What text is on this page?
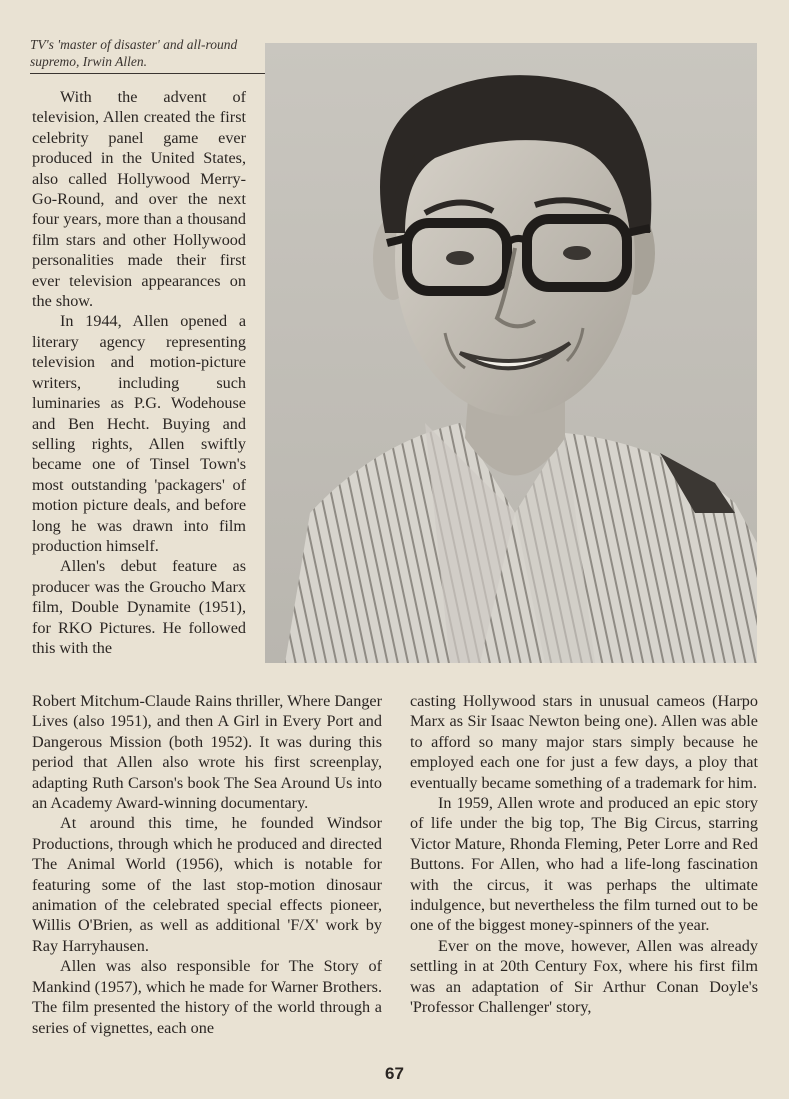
TV's 'master of disaster' and all-round supremo, Irwin Allen.

With the advent of television, Allen created the first celebrity panel game ever produced in the United States, also called Hollywood Merry-Go-Round, and over the next four years, more than a thousand film stars and other Hollywood personalities made their first ever television appearances on the show.

In 1944, Allen opened a literary agency representing television and motion-picture writers, including such luminaries as P.G. Wodehouse and Ben Hecht. Buying and selling rights, Allen swiftly became one of Tinsel Town's most outstanding 'packagers' of motion picture deals, and before long he was drawn into film production himself.

Allen's debut feature as producer was the Groucho Marx film, Double Dynamite (1951), for RKO Pictures. He followed this with the

Robert Mitchum-Claude Rains thriller, Where Danger Lives (also 1951), and then A Girl in Every Port and Dangerous Mission (both 1952). It was during this period that Allen also wrote his first screenplay, adapting Ruth Carson's book The Sea Around Us into an Academy Award-winning documentary.

At around this time, he founded Windsor Productions, through which he produced and directed The Animal World (1956), which is notable for featuring some of the last stop-motion dinosaur animation of the celebrated special effects pioneer, Willis O'Brien, as well as additional 'F/X' work by Ray Harryhausen.

Allen was also responsible for The Story of Mankind (1957), which he made for Warner Brothers. The film presented the history of the world through a series of vignettes, each one

casting Hollywood stars in unusual cameos (Harpo Marx as Sir Isaac Newton being one). Allen was able to afford so many major stars simply because he employed each one for just a few days, a ploy that eventually became something of a trademark for him.

In 1959, Allen wrote and produced an epic story of life under the big top, The Big Circus, starring Victor Mature, Rhonda Fleming, Peter Lorre and Red Buttons. For Allen, who had a life-long fascination with the circus, it was perhaps the ultimate indulgence, but nevertheless the film turned out to be one of the biggest money-spinners of the year.

Ever on the move, however, Allen was already settling in at 20th Century Fox, where his first film was an adaptation of Sir Arthur Conan Doyle's 'Professor Challenger' story,

67
